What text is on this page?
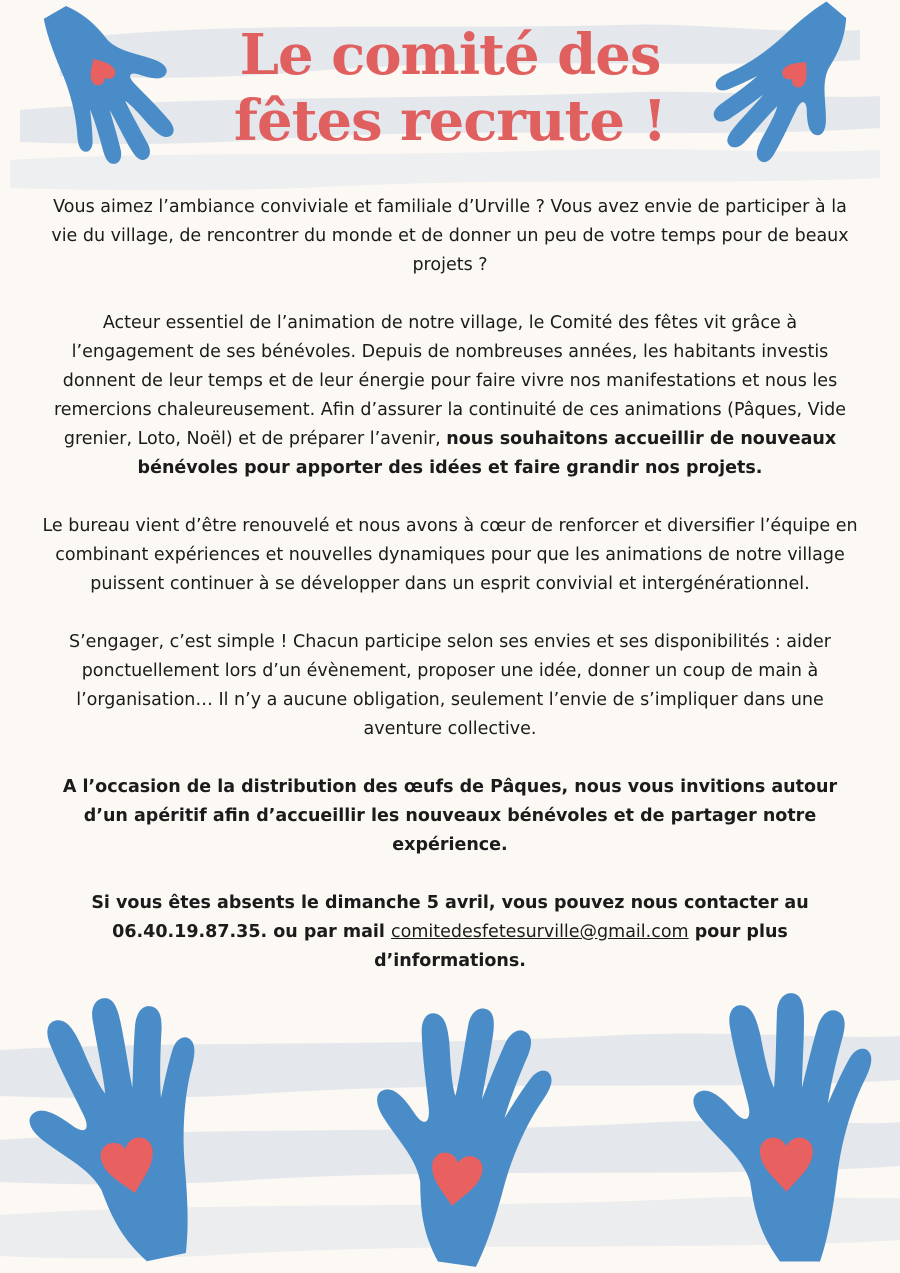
Le comité des
fêtes recrute !

Vous aimez l’ambiance conviviale et familiale d’Urville ? Vous avez envie de participer à la vie du village, de rencontrer du monde et de donner un peu de votre temps pour de beaux projets ?

Acteur essentiel de l’animation de notre village, le Comité des fêtes vit grâce à l’engagement de ses bénévoles. Depuis de nombreuses années, les habitants investis donnent de leur temps et de leur énergie pour faire vivre nos manifestations et nous les remercions chaleureusement. Afin d’assurer la continuité de ces animations (Pâques, Vide grenier, Loto, Noël) et de préparer l’avenir, nous souhaitons accueillir de nouveaux bénévoles pour apporter des idées et faire grandir nos projets.

Le bureau vient d’être renouvelé et nous avons à cœur de renforcer et diversifier l’équipe en combinant expériences et nouvelles dynamiques pour que les animations de notre village puissent continuer à se développer dans un esprit convivial et intergénérationnel.

S’engager, c’est simple ! Chacun participe selon ses envies et ses disponibilités : aider ponctuellement lors d’un évènement, proposer une idée, donner un coup de main à l’organisation… Il n’y a aucune obligation, seulement l’envie de s’impliquer dans une aventure collective.

A l’occasion de la distribution des œufs de Pâques, nous vous invitions autour d’un apéritif afin d’accueillir les nouveaux bénévoles et de partager notre expérience.

Si vous êtes absents le dimanche 5 avril, vous pouvez nous contacter au 06.40.19.87.35. ou par mail comitedesfetesurville@gmail.com pour plus d’informations.
